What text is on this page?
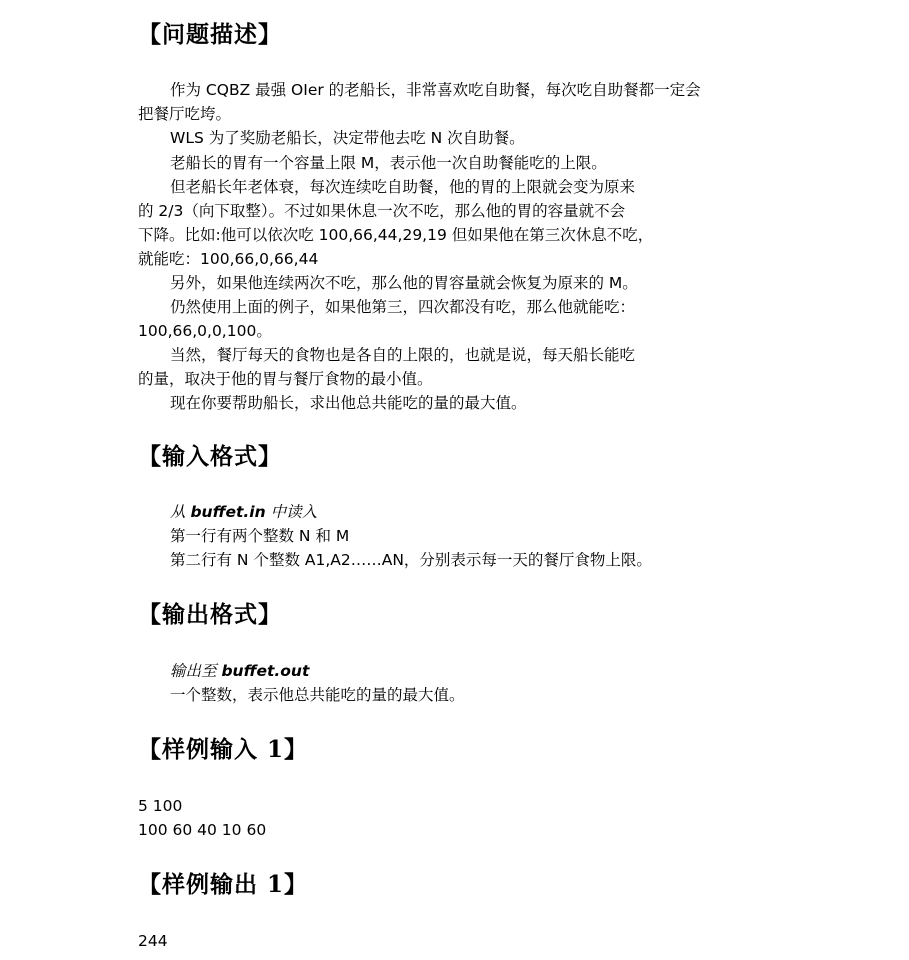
【问题描述】
作为 CQBZ 最强 OIer 的老船长，非常喜欢吃自助餐，每次吃自助餐都一定会
把餐厅吃垮。
WLS 为了奖励老船长，决定带他去吃 N 次自助餐。
老船长的胃有一个容量上限 M，表示他一次自助餐能吃的上限。
但老船长年老体衰，每次连续吃自助餐，他的胃的上限就会变为原来
的 2/3（向下取整）。不过如果休息一次不吃，那么他的胃的容量就不会
下降。比如:他可以依次吃 100,66,44,29,19 但如果他在第三次休息不吃，
就能吃：100,66,0,66,44
另外，如果他连续两次不吃，那么他的胃容量就会恢复为原来的 M。
仍然使用上面的例子，如果他第三，四次都没有吃，那么他就能吃：
100,66,0,0,100。
当然，餐厅每天的食物也是各自的上限的，也就是说，每天船长能吃
的量，取决于他的胃与餐厅食物的最小值。
现在你要帮助船长，求出他总共能吃的量的最大值。
【输入格式】
从 buffet.in 中读入
第一行有两个整数 N 和 M
第二行有 N 个整数 A1,A2……AN，分别表示每一天的餐厅食物上限。
【输出格式】
输出至 buffet.out
一个整数，表示他总共能吃的量的最大值。
【样例输入 1】
5 100
100 60 40 10 60
【样例输出 1】
244
